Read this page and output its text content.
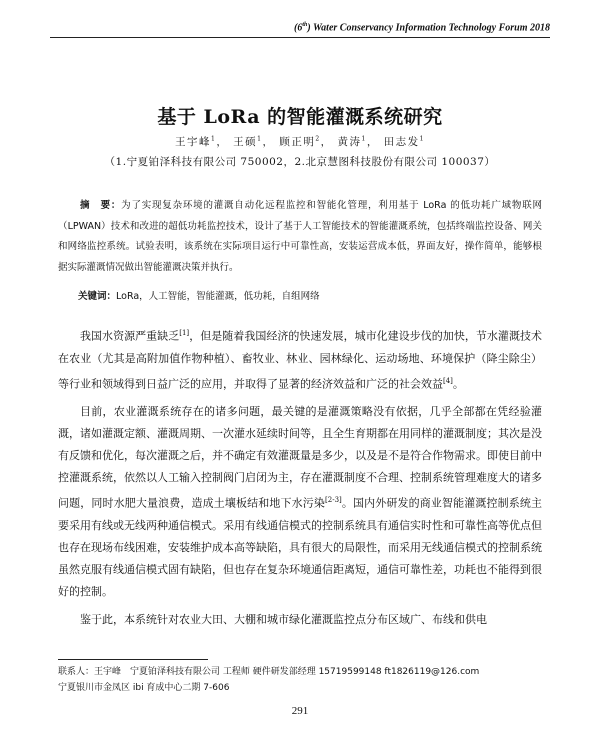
(6th) Water Conservancy Information Technology Forum 2018
基于 LoRa 的智能灌溉系统研究
王宇峰$^1$， 王硕$^1$， 顾正明$^2$， 黄涛$^1$， 田志发$^1$
（1.宁夏铂泽科技有限公司 750002，2.北京慧图科技股份有限公司 100037）
摘　要：为了实现复杂环境的灌溉自动化远程监控和智能化管理，利用基于 LoRa 的低功耗广域物联网（LPWAN）技术和改进的超低功耗监控技术，设计了基于人工智能技术的智能灌溉系统，包括终端监控设备、网关和网络监控系统。试验表明，该系统在实际项目运行中可靠性高，安装运营成本低，界面友好，操作简单，能够根据实际灌溉情况做出智能灌溉决策并执行。
关键词：LoRa，人工智能，智能灌溉，低功耗，自组网络

我国水资源严重缺乏[1]，但是随着我国经济的快速发展，城市化建设步伐的加快，节水灌溉技术在农业（尤其是高附加值作物种植）、畜牧业、林业、园林绿化、运动场地、环境保护（降尘除尘）等行业和领域得到日益广泛的应用，并取得了显著的经济效益和广泛的社会效益[4]。

目前，农业灌溉系统存在的诸多问题，最关键的是灌溉策略没有依据，几乎全部都在凭经验灌溉，诸如灌溉定额、灌溉周期、一次灌水延续时间等，且全生育期都在用同样的灌溉制度；其次是没有反馈和优化，每次灌溉之后，并不确定有效灌溉量是多少，以及是不是符合作物需求。即使目前中控灌溉系统，依然以人工输入控制阀门启闭为主，存在灌溉制度不合理、控制系统管理难度大的诸多问题，同时水肥大量浪费，造成土壤板结和地下水污染[2-3]。国内外研发的商业智能灌溉控制系统主要采用有线或无线两种通信模式。采用有线通信模式的控制系统具有通信实时性和可靠性高等优点但也存在现场布线困难，安装维护成本高等缺陷，具有很大的局限性，而采用无线通信模式的控制系统虽然克服有线通信模式固有缺陷，但也存在复杂环境通信距离短，通信可靠性差，功耗也不能得到很好的控制。

鉴于此，本系统针对农业大田、大棚和城市绿化灌溉监控点分布区域广、布线和供电

联系人：王宇峰　宁夏铂泽科技有限公司 工程师 硬件研发部经理 15719599148 ft1826119@126.com
宁夏银川市金凤区 ibi 育成中心二期 7-606
291
